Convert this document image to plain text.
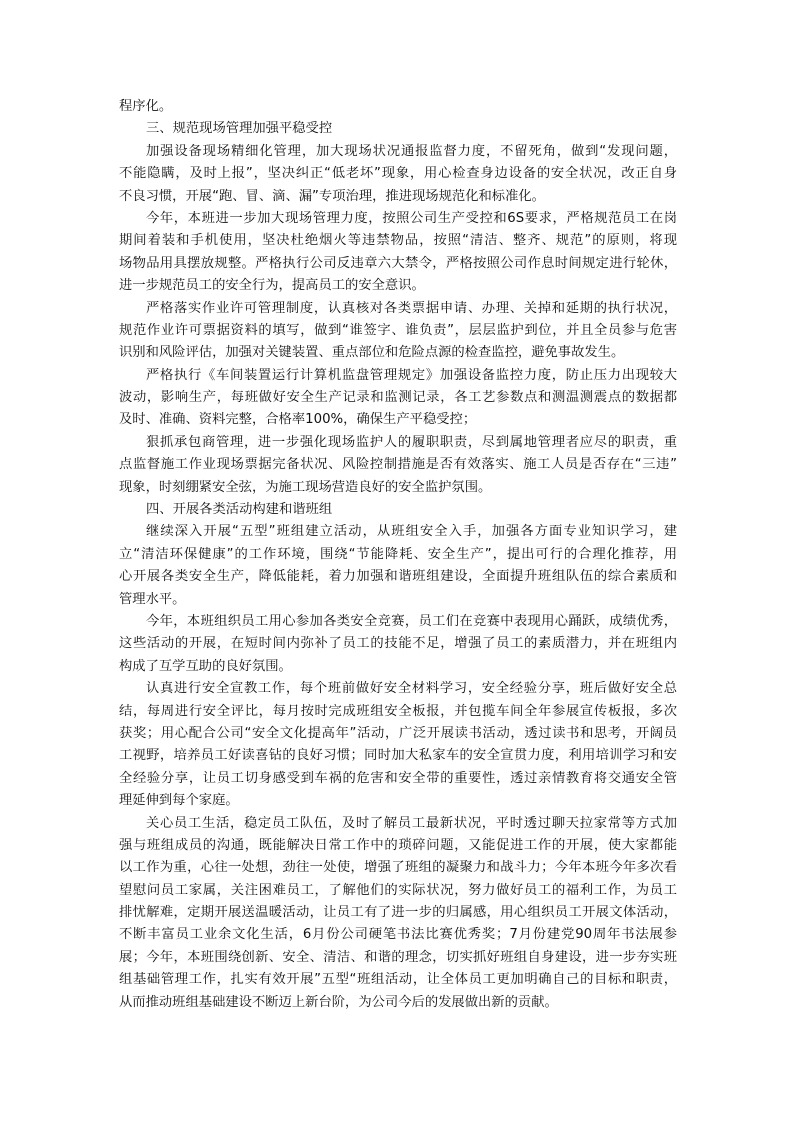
程序化。
三、规范现场管理加强平稳受控
加强设备现场精细化管理，加大现场状况通报监督力度，不留死角，做到“发现问题，
不能隐瞒，及时上报”，坚决纠正“低老坏”现象，用心检查身边设备的安全状况，改正自身
不良习惯，开展“跑、冒、滴、漏”专项治理，推进现场规范化和标准化。
今年，本班进一步加大现场管理力度，按照公司生产受控和6S要求，严格规范员工在岗
期间着装和手机使用，坚决杜绝烟火等违禁物品，按照“清洁、整齐、规范”的原则，将现
场物品用具摆放规整。严格执行公司反违章六大禁令，严格按照公司作息时间规定进行轮休，
进一步规范员工的安全行为，提高员工的安全意识。
严格落实作业许可管理制度，认真核对各类票据申请、办理、关掉和延期的执行状况，
规范作业许可票据资料的填写，做到“谁签字、谁负责”，层层监护到位，并且全员参与危害
识别和风险评估，加强对关键装置、重点部位和危险点源的检查监控，避免事故发生。
严格执行《车间装置运行计算机监盘管理规定》加强设备监控力度，防止压力出现较大
波动，影响生产，每班做好安全生产记录和监测记录，各工艺参数点和测温测震点的数据都
及时、准确、资料完整，合格率100%，确保生产平稳受控；
狠抓承包商管理，进一步强化现场监护人的履职职责，尽到属地管理者应尽的职责，重
点监督施工作业现场票据完备状况、风险控制措施是否有效落实、施工人员是否存在“三违”
现象，时刻绷紧安全弦，为施工现场营造良好的安全监护氛围。
四、开展各类活动构建和谐班组
继续深入开展“五型”班组建立活动，从班组安全入手，加强各方面专业知识学习，建
立“清洁环保健康”的工作环境，围绕“节能降耗、安全生产”，提出可行的合理化推荐，用
心开展各类安全生产，降低能耗，着力加强和谐班组建设，全面提升班组队伍的综合素质和
管理水平。
今年，本班组织员工用心参加各类安全竞赛，员工们在竞赛中表现用心踊跃，成绩优秀，
这些活动的开展，在短时间内弥补了员工的技能不足，增强了员工的素质潜力，并在班组内
构成了互学互助的良好氛围。
认真进行安全宣教工作，每个班前做好安全材料学习，安全经验分享，班后做好安全总
结，每周进行安全评比，每月按时完成班组安全板报，并包揽车间全年参展宣传板报，多次
获奖；用心配合公司“安全文化提高年”活动，广泛开展读书活动，透过读书和思考，开阔员
工视野，培养员工好读喜钻的良好习惯；同时加大私家车的安全宣贯力度，利用培训学习和安
全经验分享，让员工切身感受到车祸的危害和安全带的重要性，透过亲情教育将交通安全管
理延伸到每个家庭。
关心员工生活，稳定员工队伍，及时了解员工最新状况，平时透过聊天拉家常等方式加
强与班组成员的沟通，既能解决日常工作中的琐碎问题，又能促进工作的开展，使大家都能
以工作为重，心往一处想，劲往一处使，增强了班组的凝聚力和战斗力；今年本班今年多次看
望慰问员工家属，关注困难员工，了解他们的实际状况，努力做好员工的福利工作，为员工
排忧解难，定期开展送温暖活动，让员工有了进一步的归属感，用心组织员工开展文体活动，
不断丰富员工业余文化生活，6月份公司硬笔书法比赛优秀奖；7月份建党90周年书法展参
展；今年，本班围绕创新、安全、清洁、和谐的理念，切实抓好班组自身建设，进一步夯实班
组基础管理工作，扎实有效开展”五型“班组活动，让全体员工更加明确自己的目标和职责，
从而推动班组基础建设不断迈上新台阶，为公司今后的发展做出新的贡献。
